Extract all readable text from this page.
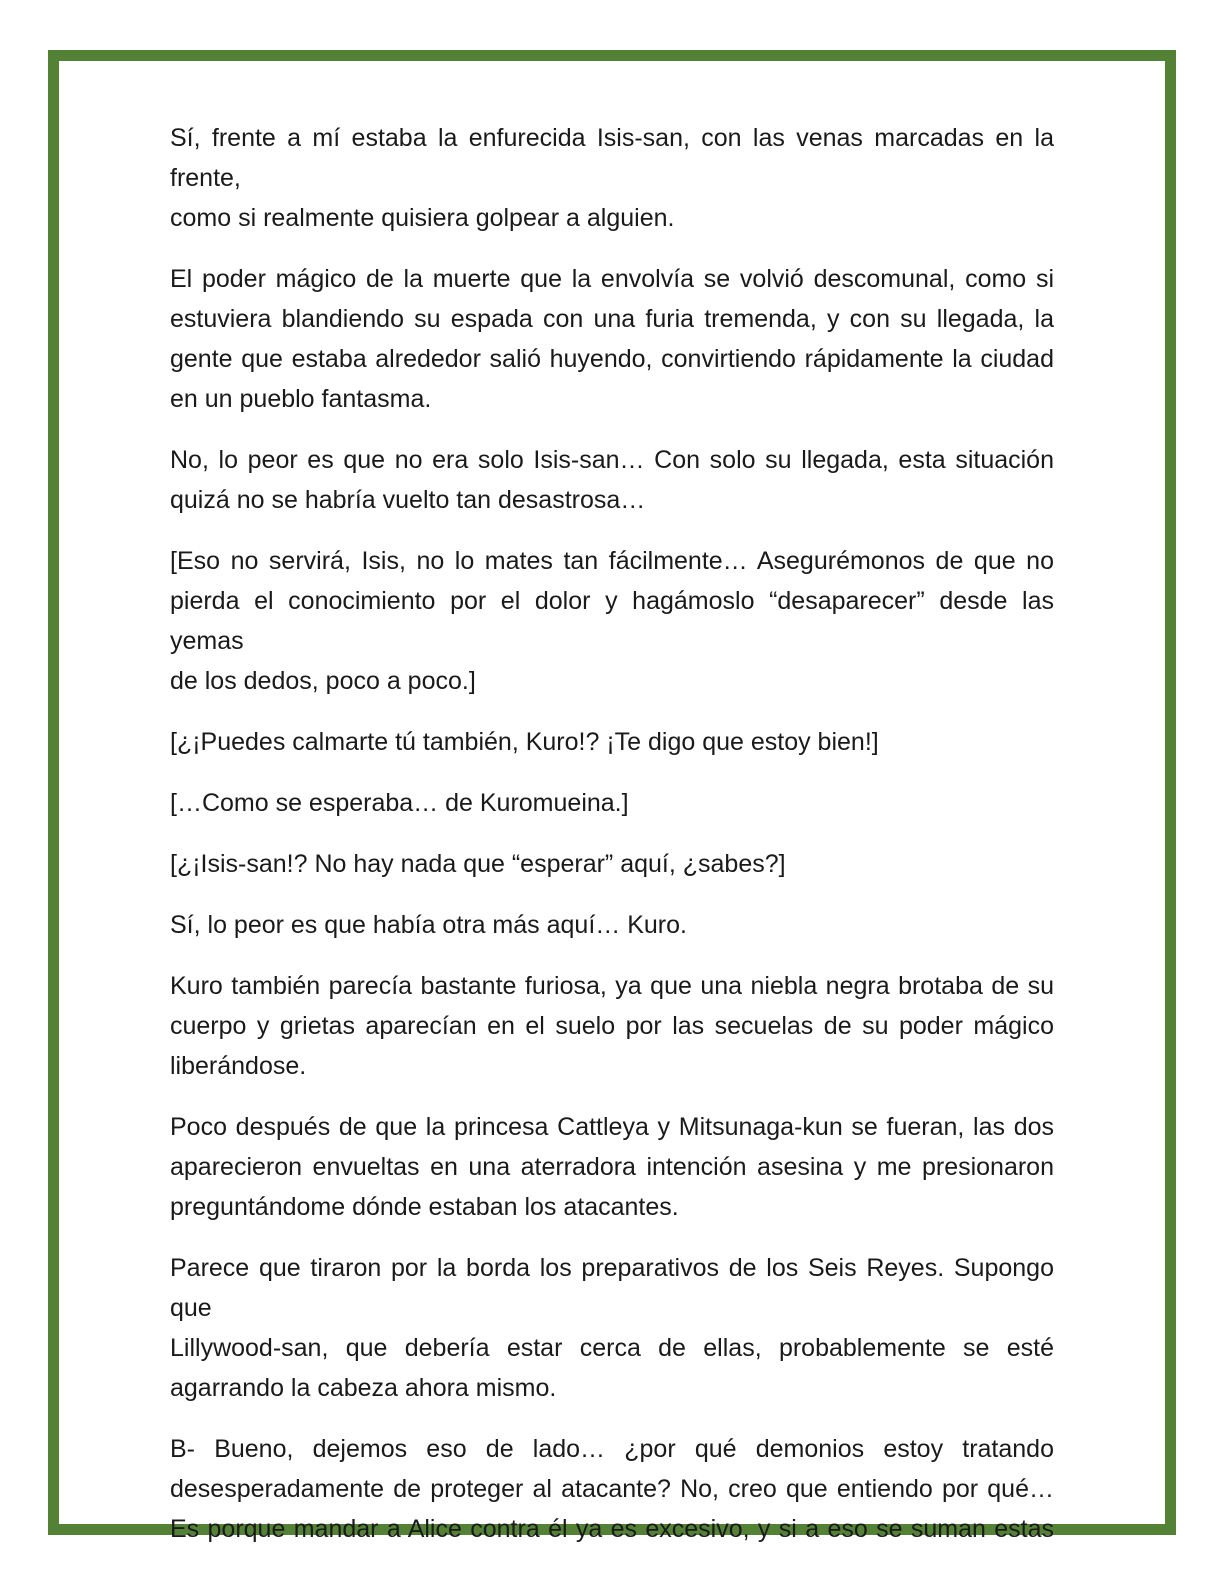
Sí, frente a mí estaba la enfurecida Isis-san, con las venas marcadas en la frente,
como si realmente quisiera golpear a alguien.
El poder mágico de la muerte que la envolvía se volvió descomunal, como si
estuviera blandiendo su espada con una furia tremenda, y con su llegada, la
gente que estaba alrededor salió huyendo, convirtiendo rápidamente la ciudad
en un pueblo fantasma.
No, lo peor es que no era solo Isis-san… Con solo su llegada, esta situación
quizá no se habría vuelto tan desastrosa…
[Eso no servirá, Isis, no lo mates tan fácilmente… Asegurémonos de que no
pierda el conocimiento por el dolor y hagámoslo “desaparecer” desde las yemas
de los dedos, poco a poco.]
[¿¡Puedes calmarte tú también, Kuro!? ¡Te digo que estoy bien!]
[…Como se esperaba… de Kuromueina.]
[¿¡Isis-san!? No hay nada que “esperar” aquí, ¿sabes?]
Sí, lo peor es que había otra más aquí… Kuro.
Kuro también parecía bastante furiosa, ya que una niebla negra brotaba de su
cuerpo y grietas aparecían en el suelo por las secuelas de su poder mágico
liberándose.
Poco después de que la princesa Cattleya y Mitsunaga-kun se fueran, las dos
aparecieron envueltas en una aterradora intención asesina y me presionaron
preguntándome dónde estaban los atacantes.
Parece que tiraron por la borda los preparativos de los Seis Reyes. Supongo que
Lillywood-san, que debería estar cerca de ellas, probablemente se esté
agarrando la cabeza ahora mismo.
B- Bueno, dejemos eso de lado… ¿por qué demonios estoy tratando
desesperadamente de proteger al atacante? No, creo que entiendo por qué…
Es porque mandar a Alice contra él ya es excesivo, y si a eso se suman estas
